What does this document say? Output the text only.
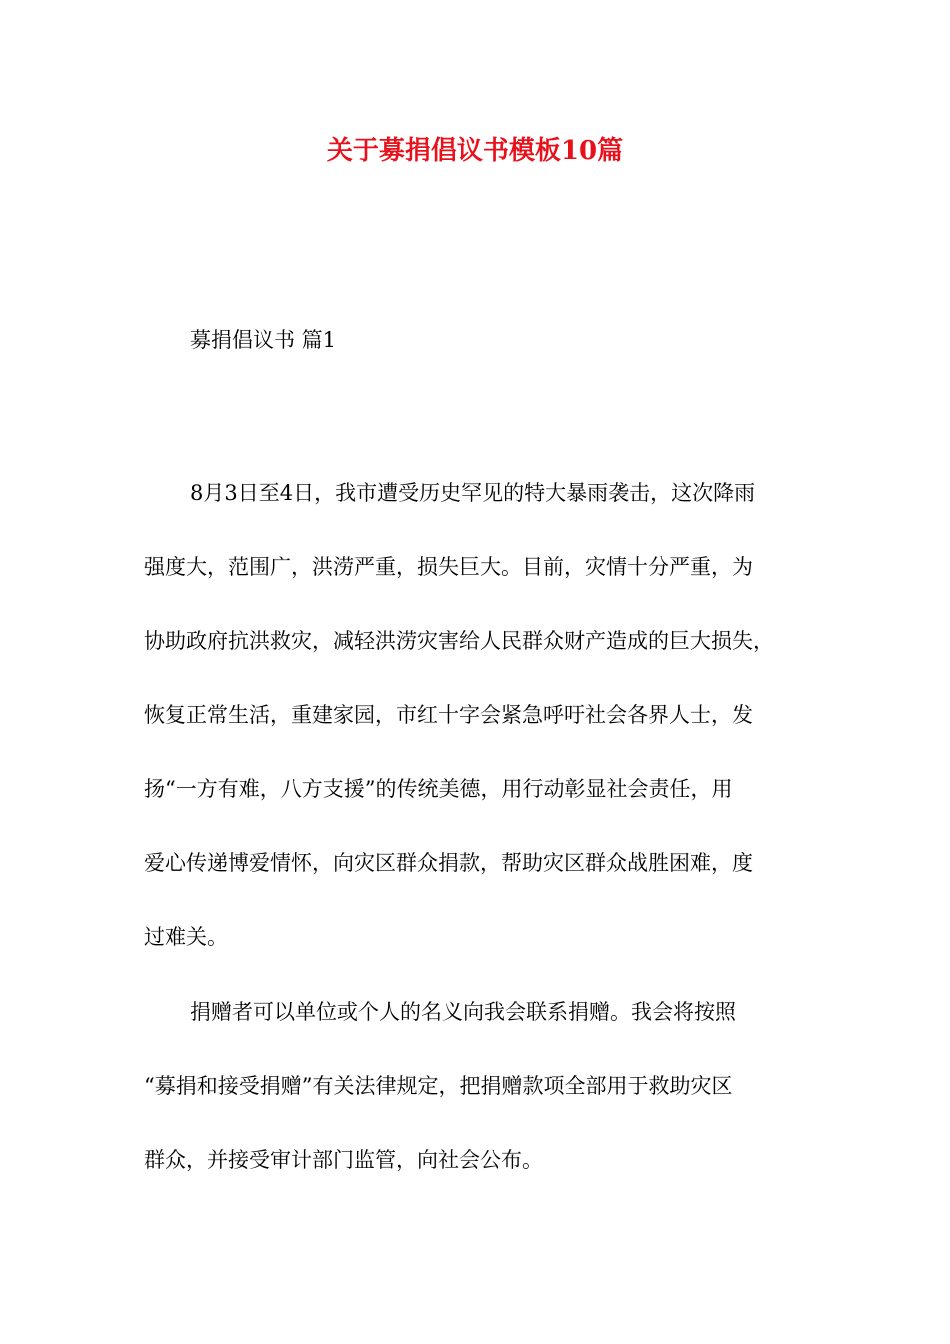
关于募捐倡议书模板10篇
募捐倡议书 篇1
8月3日至4日，我市遭受历史罕见的特大暴雨袭击，这次降雨
强度大，范围广，洪涝严重，损失巨大。目前，灾情十分严重，为
协助政府抗洪救灾，减轻洪涝灾害给人民群众财产造成的巨大损失，
恢复正常生活，重建家园，市红十字会紧急呼吁社会各界人士，发
扬“一方有难，八方支援”的传统美德，用行动彰显社会责任，用
爱心传递博爱情怀，向灾区群众捐款，帮助灾区群众战胜困难，度
过难关。
捐赠者可以单位或个人的名义向我会联系捐赠。我会将按照
“募捐和接受捐赠”有关法律规定，把捐赠款项全部用于救助灾区
群众，并接受审计部门监管，向社会公布。
